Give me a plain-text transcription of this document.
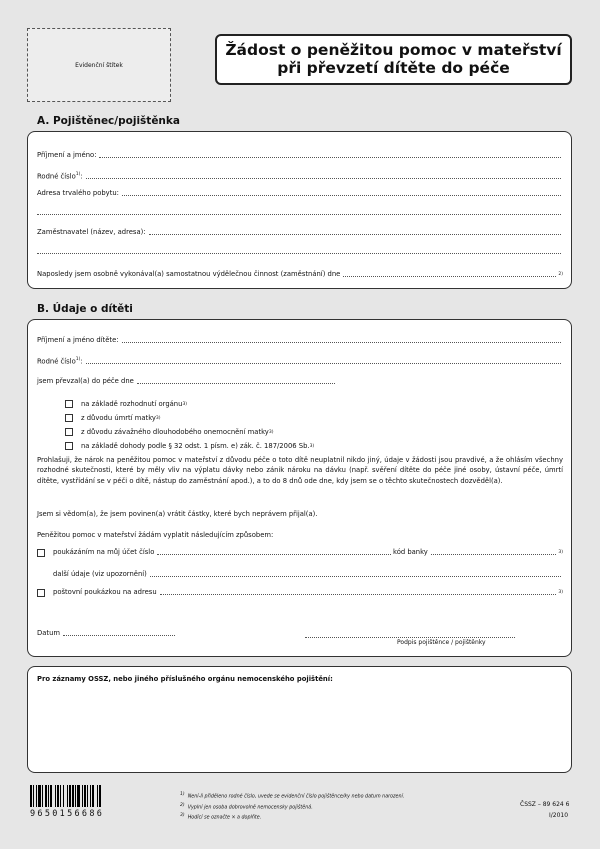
Evidenční štítek
Žádost o peněžitou pomoc v mateřství
při převzetí dítěte do péče
A. Pojištěnec/pojištěnka
Příjmení a jméno:
Rodné číslo$^{1)}$:
Adresa trvalého pobytu:
Zaměstnavatel (název, adresa):
Naposledy jsem osobně vykonával(a) samostatnou výdělečnou činnost (zaměstnání) dne	2)
B. Údaje o dítěti
Příjmení a jméno dítěte:
Rodné číslo$^{1)}$:
jsem převzal(a) do péče dne
na základě rozhodnutí orgánu 3)
z důvodu úmrtí matky 3)
z důvodu závažného dlouhodobého onemocnění matky 3)
na základě dohody podle § 32 odst. 1 písm. e) zák. č. 187/2006 Sb. 3)
Prohlašuji, že nárok na peněžitou pomoc v mateřství z důvodu péče o toto dítě neuplatnil nikdo jiný, údaje v žádosti jsou pravdivé, a že ohlásím všechny rozhodné skutečnosti, které by měly vliv na výplatu dávky nebo zánik nároku na dávku (např. svěření dítěte do péče jiné osoby, ústavní péče, úmrtí dítěte, vystřídání se v péči o dítě, nástup do zaměstnání apod.), a to do 8 dnů ode dne, kdy jsem se o těchto skutečnostech dozvěděl(a).
Jsem si vědom(a), že jsem povinen(a) vrátit částky, které bych neprávem přijal(a).
Peněžitou pomoc v mateřství žádám vyplatit následujícím způsobem:
poukázáním na můj účet číslo	kód banky	3)
další údaje (viz upozornění)
poštovní poukázkou na adresu	3)
Datum
Podpis pojištěnce / pojištěnky
Pro záznamy OSSZ, nebo jiného příslušného orgánu nemocenského pojištění:
9650156686
1)  Není-li přiděleno rodné číslo, uvede se evidenční číslo pojištěnce/ky nebo datum narození.
2)  Vyplní jen osoba dobrovolně nemocensky pojištěná.
3)  Hodící se označte × a doplňte.
ČSSZ – 89 624 6
I/2010
